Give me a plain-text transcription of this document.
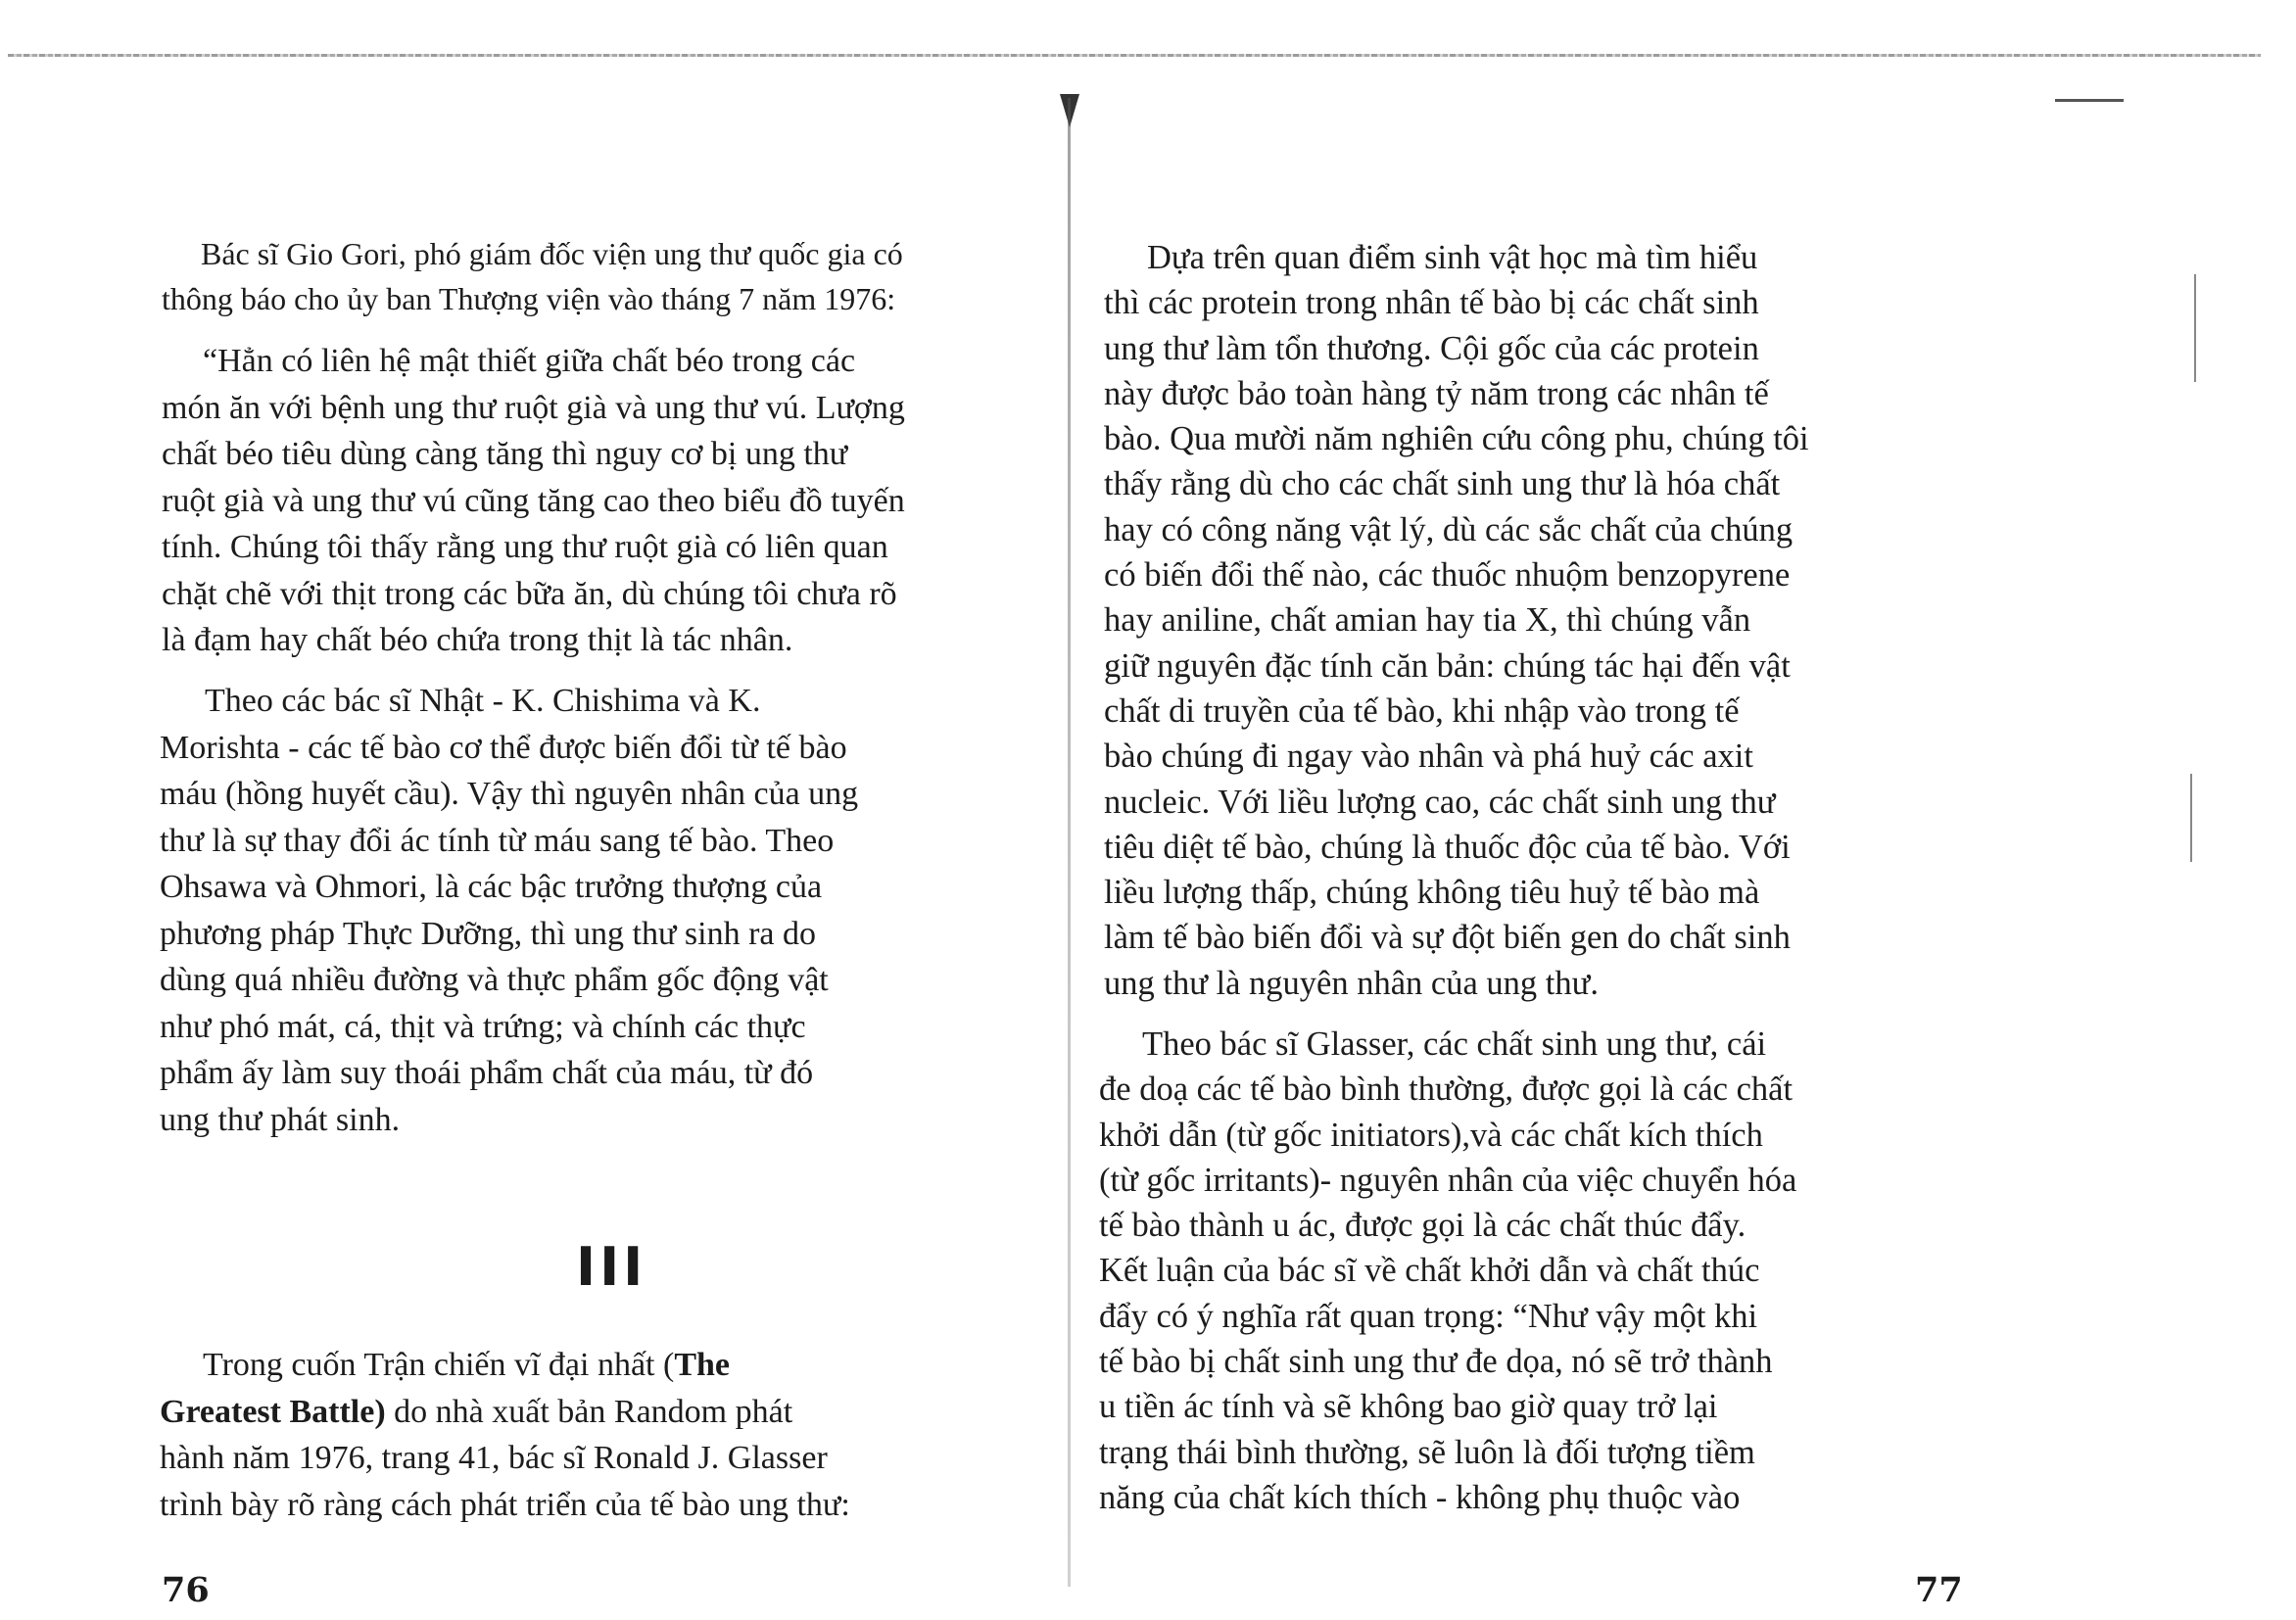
Bác sĩ Gio Gori, phó giám đốc viện ung thư quốc gia có
thông báo cho ủy ban Thượng viện vào tháng 7 năm 1976:
“Hẳn có liên hệ mật thiết giữa chất béo trong các
món ăn với bệnh ung thư ruột già và ung thư vú. Lượng
chất béo tiêu dùng càng tăng thì nguy cơ bị ung thư
ruột già và ung thư vú cũng tăng cao theo biểu đồ tuyến
tính. Chúng tôi thấy rằng ung thư ruột già có liên quan
chặt chẽ với thịt trong các bữa ăn, dù chúng tôi chưa rõ
là đạm hay chất béo chứa trong thịt là tác nhân.
Theo các bác sĩ Nhật - K. Chishima và K.
Morishta - các tế bào cơ thể được biến đổi từ tế bào
máu (hồng huyết cầu). Vậy thì nguyên nhân của ung
thư là sự thay đổi ác tính từ máu sang tế bào. Theo
Ohsawa và Ohmori, là các bậc trưởng thượng của
phương pháp Thực Dưỡng, thì ung thư sinh ra do
dùng quá nhiều đường và thực phẩm gốc động vật
như phó mát, cá, thịt và trứng; và chính các thực
phẩm ấy làm suy thoái phẩm chất của máu, từ đó
ung thư phát sinh.
III
Trong cuốn Trận chiến vĩ đại nhất (The
Greatest Battle) do nhà xuất bản Random phát
hành năm 1976, trang 41, bác sĩ Ronald J. Glasser
trình bày rõ ràng cách phát triển của tế bào ung thư:
76
Dựa trên quan điểm sinh vật học mà tìm hiểu
thì các protein trong nhân tế bào bị các chất sinh
ung thư làm tổn thương. Cội gốc của các protein
này được bảo toàn hàng tỷ năm trong các nhân tế
bào. Qua mười năm nghiên cứu công phu, chúng tôi
thấy rằng dù cho các chất sinh ung thư là hóa chất
hay có công năng vật lý, dù các sắc chất của chúng
có biến đổi thế nào, các thuốc nhuộm benzopyrene
hay aniline, chất amian hay tia X, thì chúng vẫn
giữ nguyên đặc tính căn bản: chúng tác hại đến vật
chất di truyền của tế bào, khi nhập vào trong tế
bào chúng đi ngay vào nhân và phá huỷ các axit
nucleic. Với liều lượng cao, các chất sinh ung thư
tiêu diệt tế bào, chúng là thuốc độc của tế bào. Với
liều lượng thấp, chúng không tiêu huỷ tế bào mà
làm tế bào biến đổi và sự đột biến gen do chất sinh
ung thư là nguyên nhân của ung thư.
Theo bác sĩ Glasser, các chất sinh ung thư, cái
đe doạ các tế bào bình thường, được gọi là các chất
khởi dẫn (từ gốc initiators),và các chất kích thích
(từ gốc irritants)- nguyên nhân của việc chuyển hóa
tế bào thành u ác, được gọi là các chất thúc đẩy.
Kết luận của bác sĩ về chất khởi dẫn và chất thúc
đẩy có ý nghĩa rất quan trọng: “Như vậy một khi
tế bào bị chất sinh ung thư đe dọa, nó sẽ trở thành
u tiền ác tính và sẽ không bao giờ quay trở lại
trạng thái bình thường, sẽ luôn là đối tượng tiềm
năng của chất kích thích - không phụ thuộc vào
77
